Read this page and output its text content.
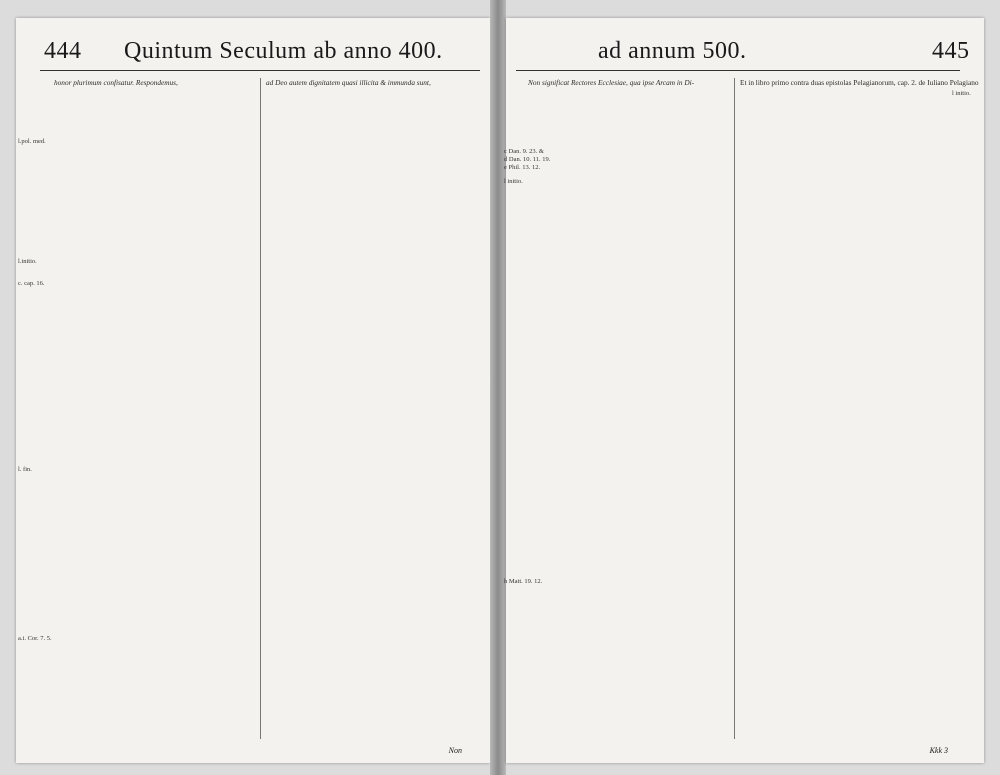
444 Quintum Seculum ab anno 400.
honor plurimum confisatur. Respondemus,	ad Deo autem dignitatem quasi illicita & immunda sunt,
l.pol. med.
l.initio.
c. cap. 16.
l. fin.
a.i. Cor. 7. 5.
Non
ad annum 500.	445
Non significat Rectores Ecclesiae, qua ipse Arcam in Di-	Et in libro primo contra duas epistolas Pelagianorum, cap. 2. de Iuliano Pelagiano
c Dan. 9. 23. &
d Dan. 10. 11. 19.
e Phil. 13. 12.
l initio.
h Matt. 19. 12.
l initio.
Kkk 3
